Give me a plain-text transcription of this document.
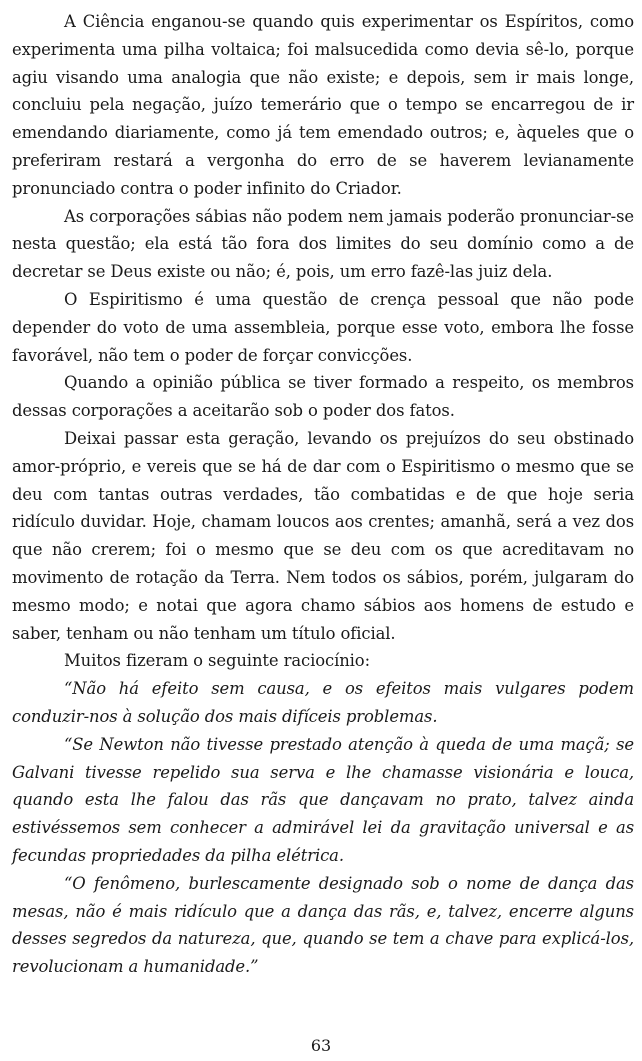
A Ciência enganou-se quando quis experimentar os Espíritos, como experimenta uma pilha voltaica; foi malsucedida como devia sê-lo, porque agiu visando uma analogia que não existe; e depois, sem ir mais longe, concluiu pela negação, juízo temerário que o tempo se encarregou de ir emendando diariamente, como já tem emendado outros; e, àqueles que o preferiram restará a vergonha do erro de se haverem levianamente pronunciado contra o poder infinito do Criador.

As corporações sábias não podem nem jamais poderão pronunciar-se nesta questão; ela está tão fora dos limites do seu domínio como a de decretar se Deus existe ou não; é, pois, um erro fazê-las juiz dela.

O Espiritismo é uma questão de crença pessoal que não pode depender do voto de uma assembleia, porque esse voto, embora lhe fosse favorável, não tem o poder de forçar convicções.

Quando a opinião pública se tiver formado a respeito, os membros dessas corporações a aceitarão sob o poder dos fatos.

Deixai passar esta geração, levando os prejuízos do seu obstinado amor-próprio, e vereis que se há de dar com o Espiritismo o mesmo que se deu com tantas outras verdades, tão combatidas e de que hoje seria ridículo duvidar. Hoje, chamam loucos aos crentes; amanhã, será a vez dos que não crerem; foi o mesmo que se deu com os que acreditavam no movimento de rotação da Terra. Nem todos os sábios, porém, julgaram do mesmo modo; e notai que agora chamo sábios aos homens de estudo e saber, tenham ou não tenham um título oficial.

Muitos fizeram o seguinte raciocínio:

“Não há efeito sem causa, e os efeitos mais vulgares podem conduzir-nos à solução dos mais difíceis problemas.

“Se Newton não tivesse prestado atenção à queda de uma maçã; se Galvani tivesse repelido sua serva e lhe chamasse visionária e louca, quando esta lhe falou das rãs que dançavam no prato, talvez ainda estivéssemos sem conhecer a admirável lei da gravitação universal e as fecundas propriedades da pilha elétrica.

“O fenômeno, burlescamente designado sob o nome de dança das mesas, não é mais ridículo que a dança das rãs, e, talvez, encerre alguns desses segredos da natureza, que, quando se tem a chave para explicá-los, revolucionam a humanidade.”

63
